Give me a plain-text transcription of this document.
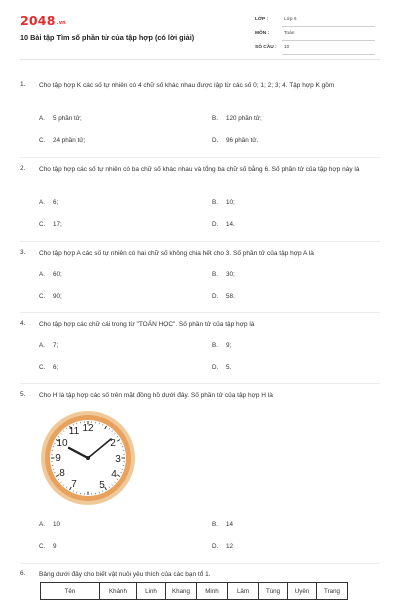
2048.vn
10 Bài tập Tìm số phần tử của tập hợp (có lời giải)
LỚP :	Lớp 6
MÔN :	Toán
SỐ CÂU : 10
1. Cho tập hợp K các số tự nhiên có 4 chữ số khác nhau được lập từ các số 0; 1; 2; 3; 4. Tập hợp K gồm
A. 5 phần tử;	B. 120 phần tử;
C. 24 phần tử;	D. 96 phần tử.
2. Cho tập hợp các số tự nhiên có ba chữ số khác nhau và tổng ba chữ số bằng 6. Số phần tử của tập hợp này là
A. 6;	B. 10;
C. 17;	D. 14.
3. Cho tập hợp A các số tự nhiên có hai chữ số không chia hết cho 3. Số phần tử của tập hợp A là
A. 60;	B. 30;
C. 90;	D. 58.
4. Cho tập hợp các chữ cái trong từ "TOÁN HỌC". Số phần tử của tập hợp là
A. 7;	B. 9;
C. 6;	D. 5.
5. Cho H là tập hợp các số trên mặt đồng hồ dưới đây. Số phần tử của tập hợp H là
A. 10	B. 14
C. 9	D. 12
12
11
10
9
8
7 5
4
3
2
6. Bảng dưới đây cho biết vật nuôi yêu thích của các bạn tổ 1.
Tên	Khánh	Linh	Khang	Minh	Lâm	Tùng	Uyên	Trang
